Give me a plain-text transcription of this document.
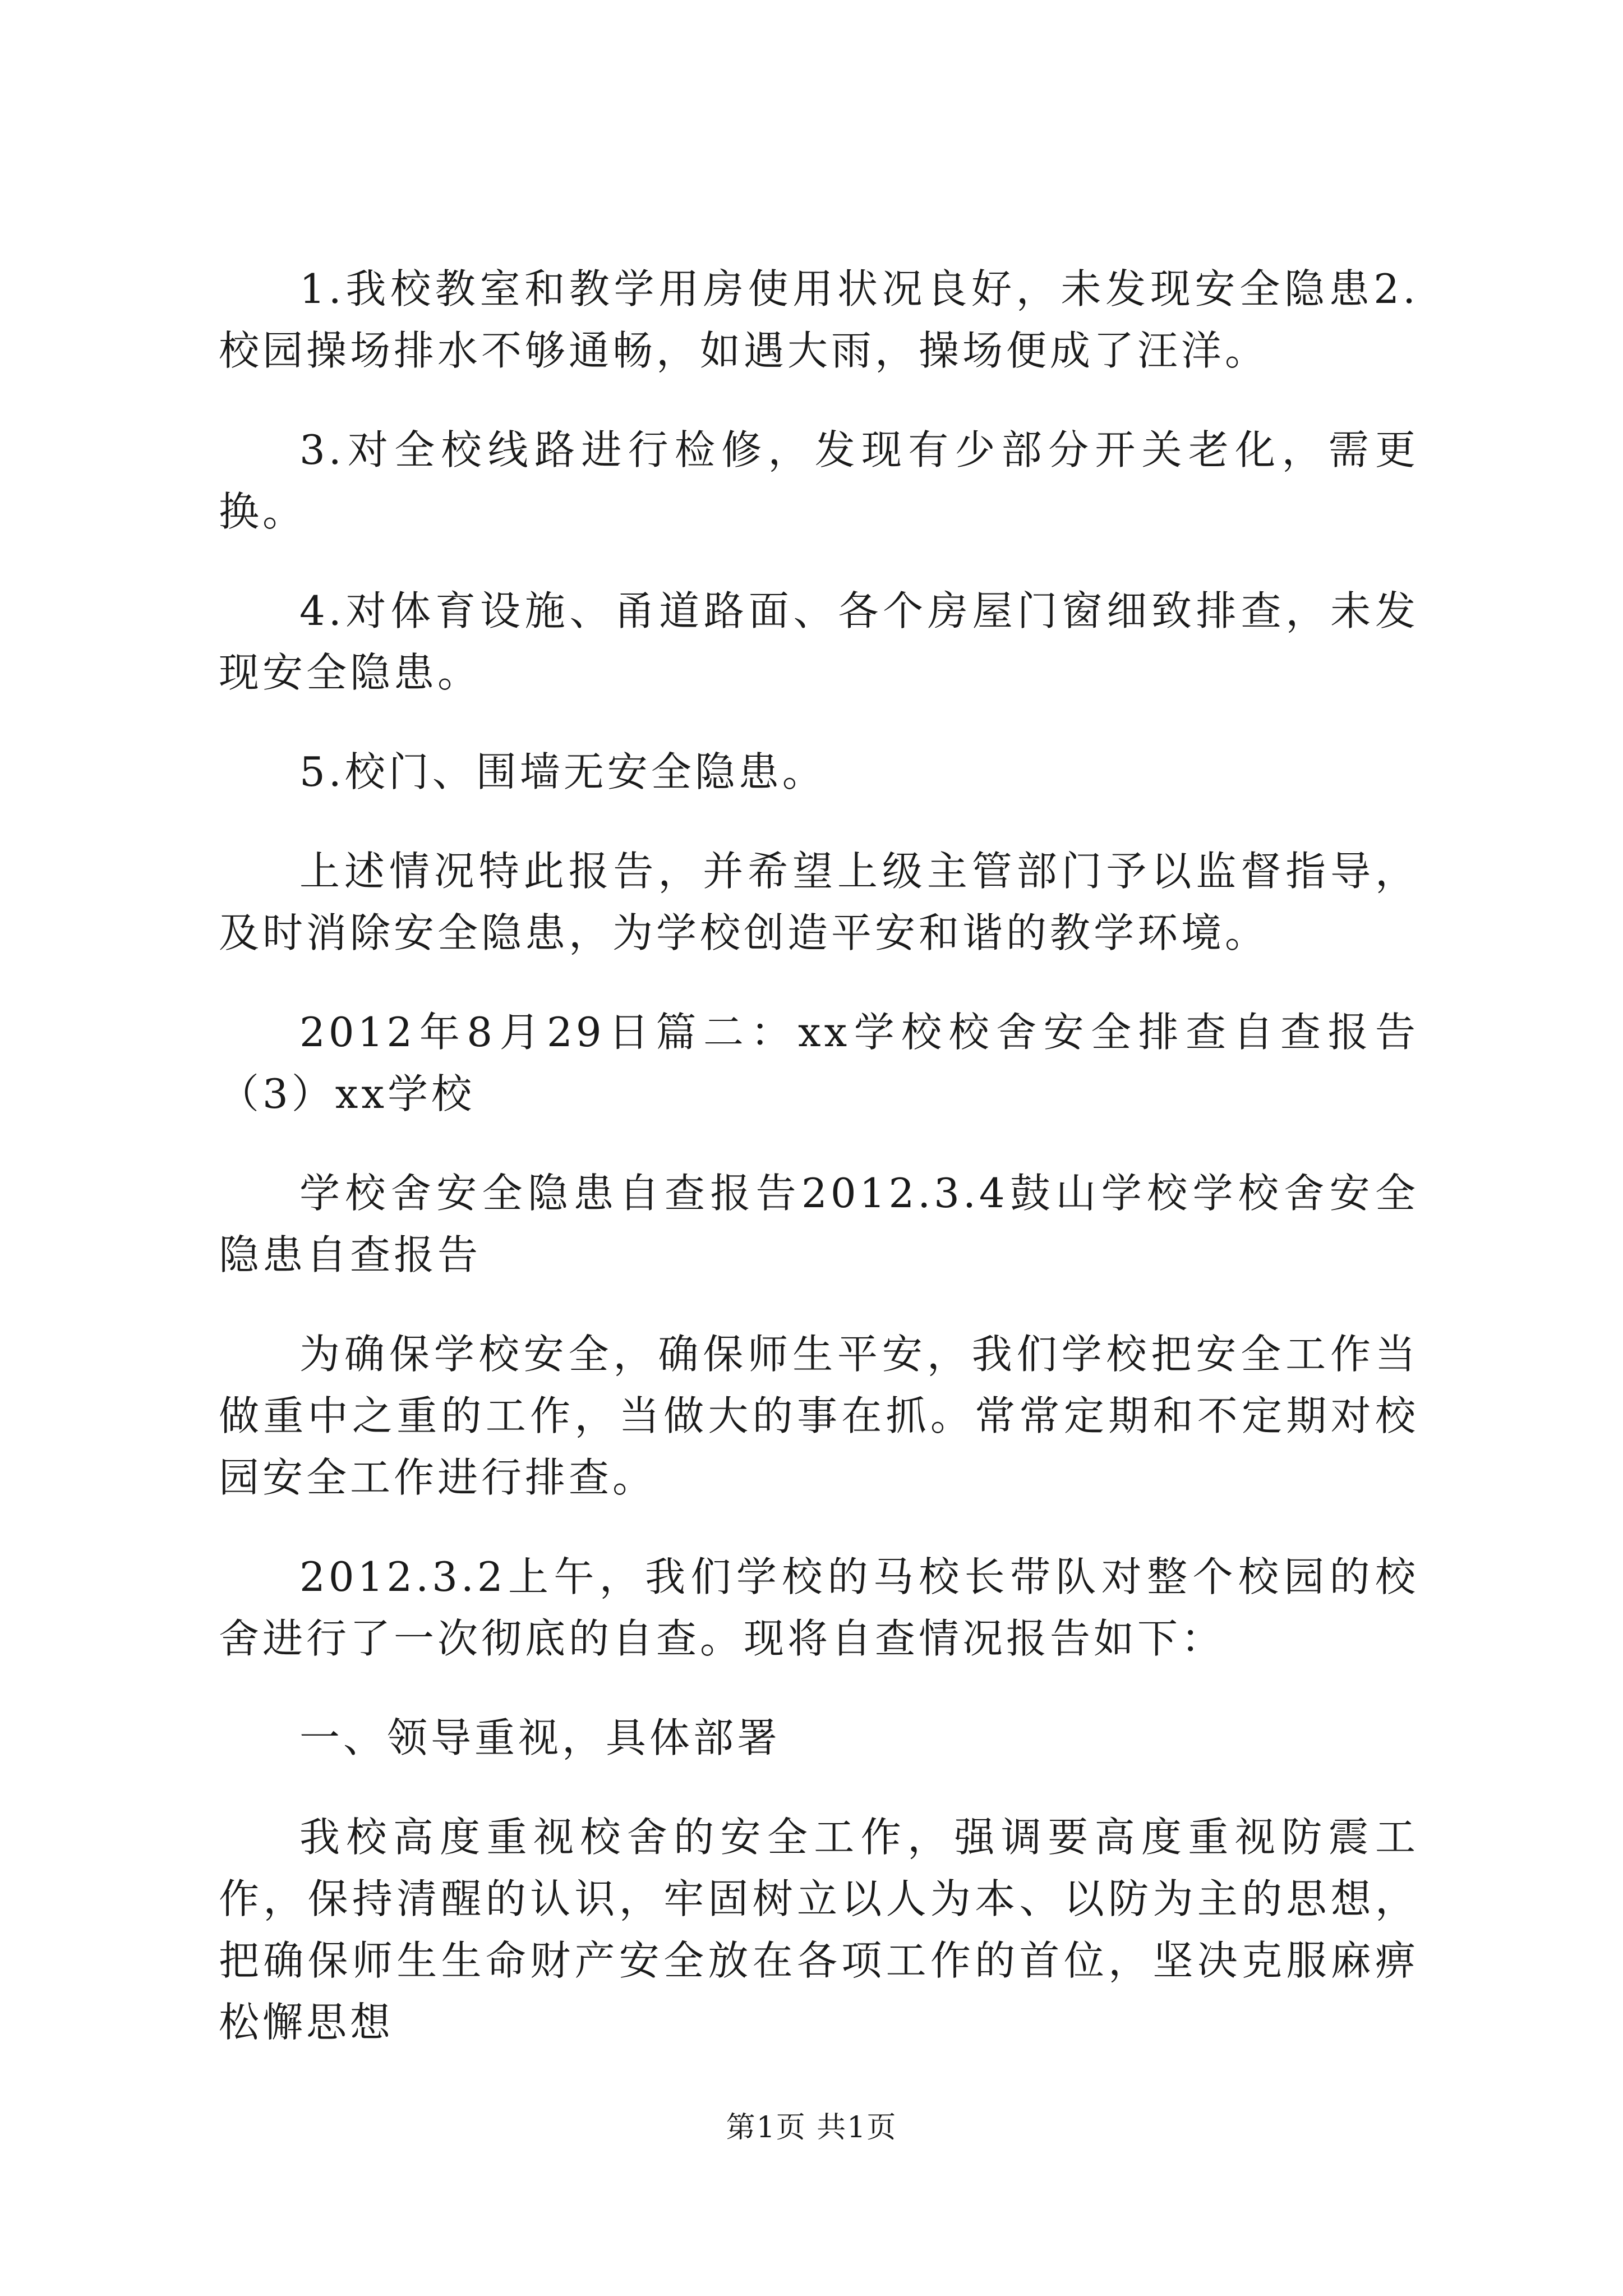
1.我校教室和教学用房使用状况良好，未发现安全隐患2.校园操场排水不够通畅，如遇大雨，操场便成了汪洋。

3.对全校线路进行检修，发现有少部分开关老化，需更换。

4.对体育设施、甬道路面、各个房屋门窗细致排查，未发现安全隐患。

5.校门、围墙无安全隐患。

上述情况特此报告，并希望上级主管部门予以监督指导，及时消除安全隐患，为学校创造平安和谐的教学环境。

2012年8月29日篇二：xx学校校舍安全排查自查报告（3）xx学校

学校舍安全隐患自查报告2012.3.4鼓山学校学校舍安全隐患自查报告

为确保学校安全，确保师生平安，我们学校把安全工作当做重中之重的工作，当做大的事在抓。常常定期和不定期对校园安全工作进行排查。

2012.3.2上午，我们学校的马校长带队对整个校园的校舍进行了一次彻底的自查。现将自查情况报告如下：

一、领导重视，具体部署

我校高度重视校舍的安全工作，强调要高度重视防震工作，保持清醒的认识，牢固树立以人为本、以防为主的思想，把确保师生生命财产安全放在各项工作的首位，坚决克服麻痹松懈思想

第1页 共1页
